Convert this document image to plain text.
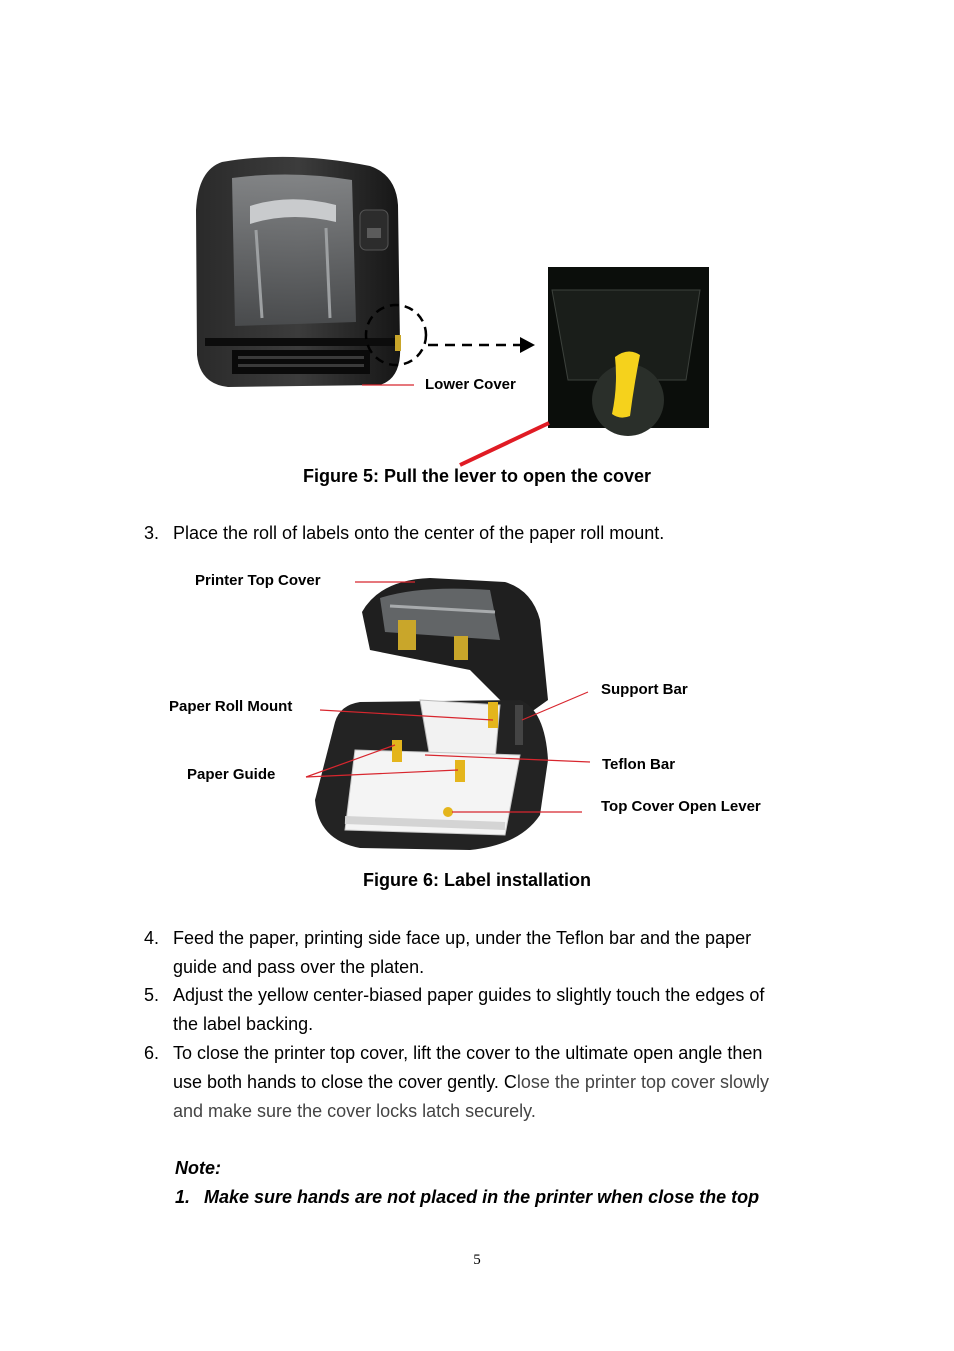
Lower Cover
Figure 5: Pull the lever to open the cover
3. Place the roll of labels onto the center of the paper roll mount.
Printer Top Cover
Paper Roll Mount
Paper Guide
Support Bar
Teflon Bar
Top Cover Open Lever
Figure 6: Label installation
4. Feed the paper, printing side face up, under the Teflon bar and the paper
guide and pass over the platen.
5. Adjust the yellow center-biased paper guides to slightly touch the edges of
the label backing.
6. To close the printer top cover, lift the cover to the ultimate open angle then
use both hands to close the cover gently. Close the printer top cover slowly
and make sure the cover locks latch securely.
Note:
1. Make sure hands are not placed in the printer when close the top
5
